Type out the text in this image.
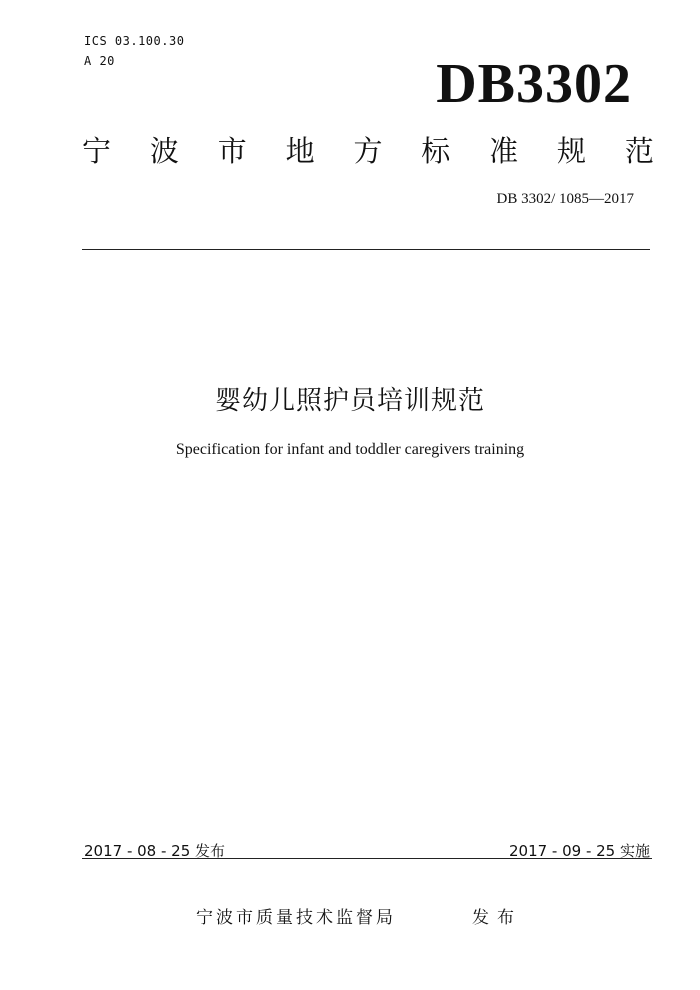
ICS 03.100.30
A 20	DB3302
宁 波 市 地 方 标 准 规 范
DB 3302/ 1085—2017
婴幼儿照护员培训规范
Specification for infant and toddler caregivers training
2017 - 08 - 25 发布	2017 - 09 - 25 实施
宁波市质量技术监督局	发布
